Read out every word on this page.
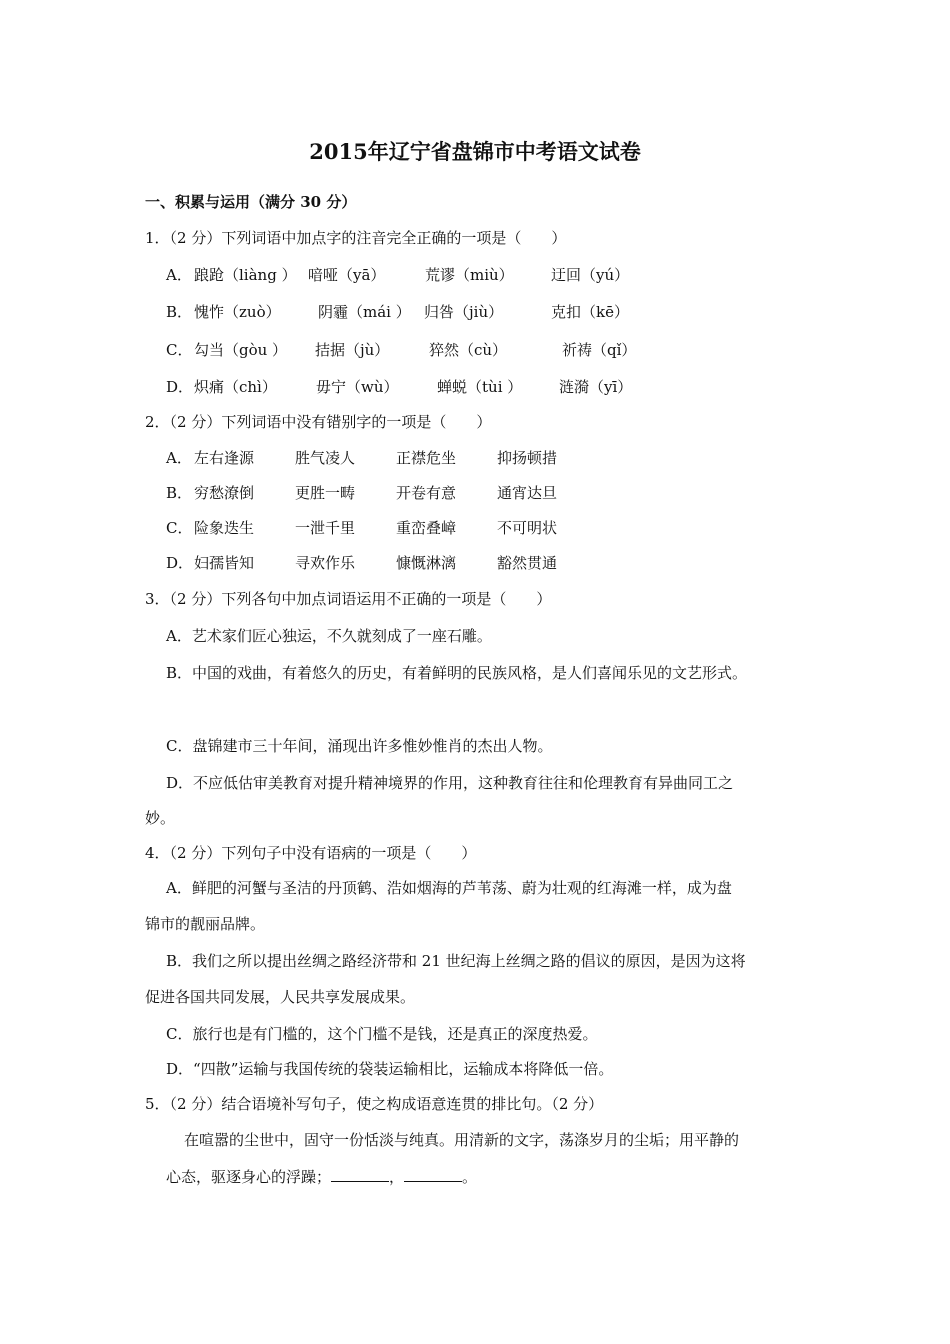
2015年辽宁省盘锦市中考语文试卷
一、积累与运用（满分 30 分）
1．（2 分）下列词语中加点字的注音完全正确的一项是（　　）
A． 踉跄（liàng ） 喑哑（yā）	荒谬（miù） 迂回（yú）
B． 愧怍（zuò） 阴霾（mái ） 归咎（jiù）	克扣（kē）
C． 勾当（gòu ） 拮据（jù）	猝然（cù）	祈祷（qǐ）
D． 炽痛（chì）	毋宁（wù）	蝉蜕（tùi ） 涟漪（yī）
2．（2 分）下列词语中没有错别字的一项是（　　）
A． 左右逢源	胜气凌人	正襟危坐	抑扬顿措
B． 穷愁潦倒	更胜一畴	开卷有意	通宵达旦
C． 险象迭生	一泄千里	重峦叠嶂	不可明状
D． 妇孺皆知	寻欢作乐	慷慨淋漓	豁然贯通
3．（2 分）下列各句中加点词语运用不正确的一项是（　　）
A．艺术家们匠心独运，不久就刻成了一座石雕。
B．中国的戏曲，有着悠久的历史，有着鲜明的民族风格，是人们喜闻乐见的文艺形式。
C．盘锦建市三十年间，涌现出许多惟妙惟肖的杰出人物。
D．不应低估审美教育对提升精神境界的作用，这种教育往往和伦理教育有异曲同工之
妙。
4．（2 分）下列句子中没有语病的一项是（　　）
A．鲜肥的河蟹与圣洁的丹顶鹤、浩如烟海的芦苇荡、蔚为壮观的红海滩一样，成为盘
锦市的靓丽品牌。
B．我们之所以提出丝绸之路经济带和 21 世纪海上丝绸之路的倡议的原因，是因为这将
促进各国共同发展，人民共享发展成果。
C．旅行也是有门槛的，这个门槛不是钱，还是真正的深度热爱。
D．“四散”运输与我国传统的袋装运输相比，运输成本将降低一倍。
5．（2 分）结合语境补写句子，使之构成语意连贯的排比句。（2 分）
在喧嚣的尘世中，固守一份恬淡与纯真。用清新的文字，荡涤岁月的尘垢；用平静的
心态，驱逐身心的浮躁；	，	。
